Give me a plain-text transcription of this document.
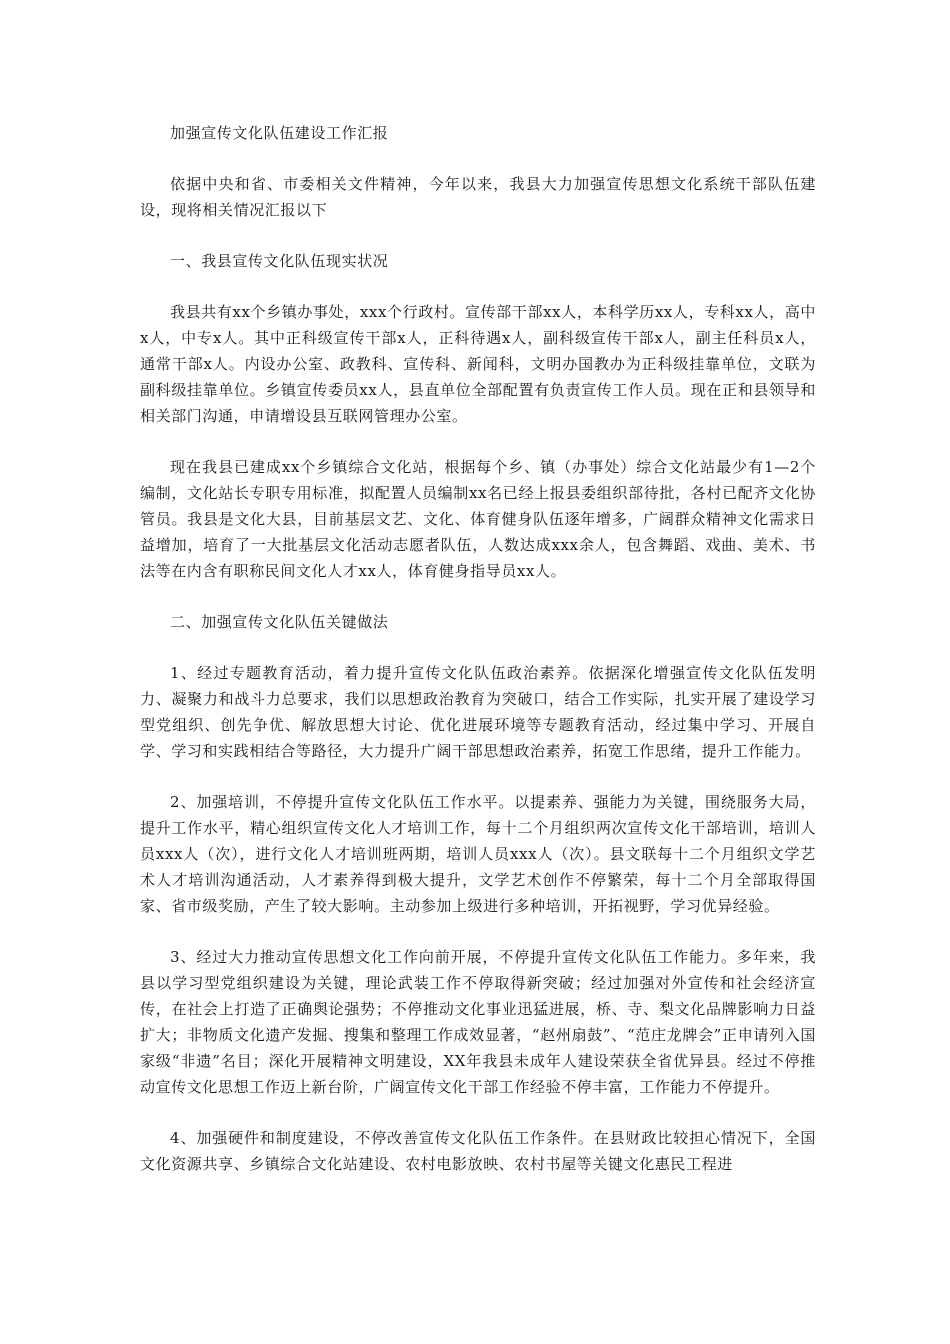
加强宣传文化队伍建设工作汇报

依据中央和省、市委相关文件精神，今年以来，我县大力加强宣传思想文化系统干部队伍建设，现将相关情况汇报以下

一、我县宣传文化队伍现实状况

我县共有xx个乡镇办事处，xxx个行政村。宣传部干部xx人，本科学历xx人，专科xx人，高中x人，中专x人。其中正科级宣传干部x人，正科待遇x人，副科级宣传干部x人，副主任科员x人，通常干部x人。内设办公室、政教科、宣传科、新闻科，文明办国教办为正科级挂靠单位，文联为副科级挂靠单位。乡镇宣传委员xx人，县直单位全部配置有负责宣传工作人员。现在正和县领导和相关部门沟通，申请增设县互联网管理办公室。

现在我县已建成xx个乡镇综合文化站，根据每个乡、镇（办事处）综合文化站最少有1—2个编制，文化站长专职专用标准，拟配置人员编制xx名已经上报县委组织部待批，各村已配齐文化协管员。我县是文化大县，目前基层文艺、文化、体育健身队伍逐年增多，广阔群众精神文化需求日益增加，培育了一大批基层文化活动志愿者队伍，人数达成xxx余人，包含舞蹈、戏曲、美术、书法等在内含有职称民间文化人才xx人，体育健身指导员xx人。

二、加强宣传文化队伍关键做法

1、经过专题教育活动，着力提升宣传文化队伍政治素养。依据深化增强宣传文化队伍发明力、凝聚力和战斗力总要求，我们以思想政治教育为突破口，结合工作实际，扎实开展了建设学习型党组织、创先争优、解放思想大讨论、优化进展环境等专题教育活动，经过集中学习、开展自学、学习和实践相结合等路径，大力提升广阔干部思想政治素养，拓宽工作思绪，提升工作能力。

2、加强培训，不停提升宣传文化队伍工作水平。以提素养、强能力为关键，围绕服务大局，提升工作水平，精心组织宣传文化人才培训工作，每十二个月组织两次宣传文化干部培训，培训人员xxx人（次），进行文化人才培训班两期，培训人员xxx人（次）。县文联每十二个月组织文学艺术人才培训沟通活动，人才素养得到极大提升，文学艺术创作不停繁荣，每十二个月全部取得国家、省市级奖励，产生了较大影响。主动参加上级进行多种培训，开拓视野，学习优异经验。

3、经过大力推动宣传思想文化工作向前开展，不停提升宣传文化队伍工作能力。多年来，我县以学习型党组织建设为关键，理论武装工作不停取得新突破；经过加强对外宣传和社会经济宣传，在社会上打造了正确舆论强势；不停推动文化事业迅猛进展，桥、寺、梨文化品牌影响力日益扩大；非物质文化遗产发掘、搜集和整理工作成效显著，“赵州扇鼓”、“范庄龙牌会”正申请列入国家级“非遗”名目；深化开展精神文明建设，XX年我县未成年人建设荣获全省优异县。经过不停推动宣传文化思想工作迈上新台阶，广阔宣传文化干部工作经验不停丰富，工作能力不停提升。

4、加强硬件和制度建设，不停改善宣传文化队伍工作条件。在县财政比较担心情况下，全国文化资源共享、乡镇综合文化站建设、农村电影放映、农村书屋等关键文化惠民工程进
